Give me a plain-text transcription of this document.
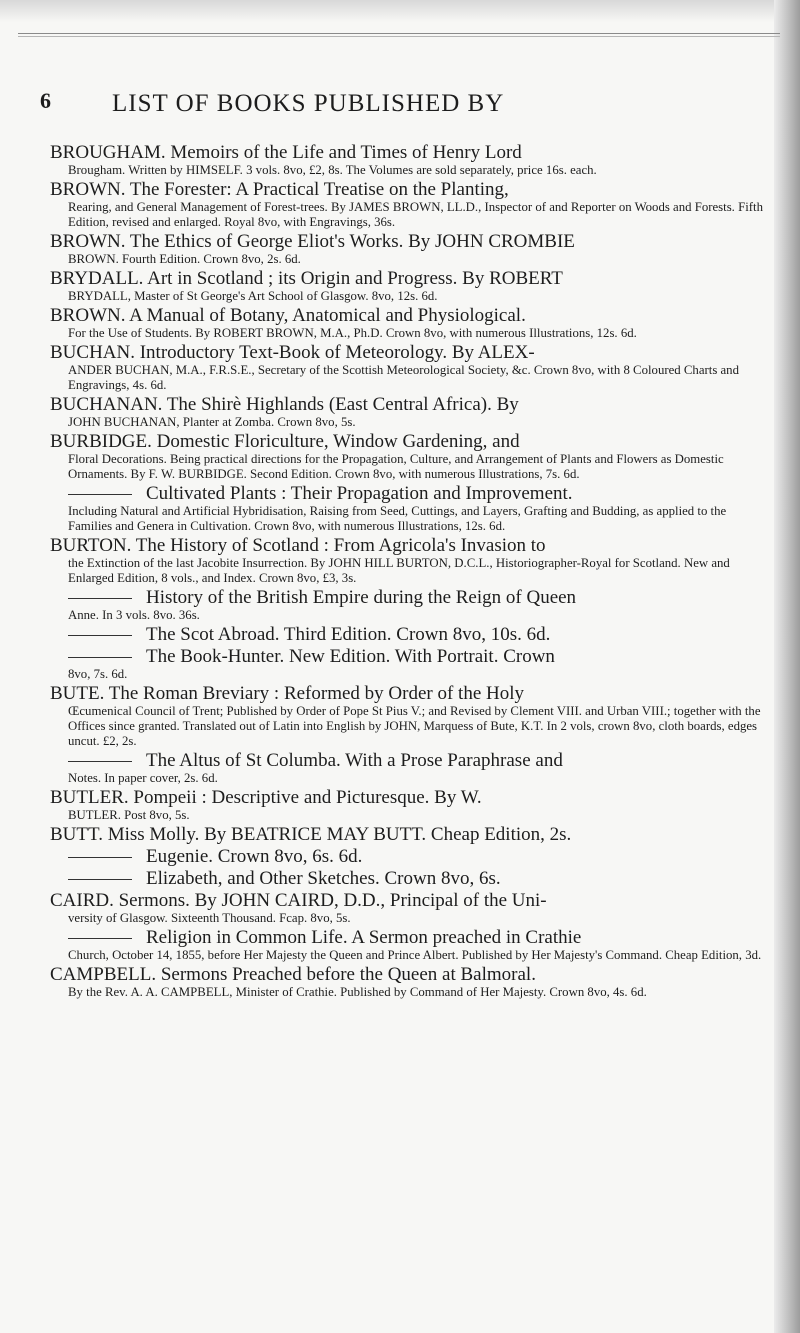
6 LIST OF BOOKS PUBLISHED BY

BROUGHAM. Memoirs of the Life and Times of Henry Lord

Brougham. Written by HIMSELF. 3 vols. 8vo, £2, 8s. The Volumes are sold separately, price 16s. each.

BROWN. The Forester: A Practical Treatise on the Planting,

Rearing, and General Management of Forest-trees. By JAMES BROWN, LL.D., Inspector of and Reporter on Woods and Forests. Fifth Edition, revised and enlarged. Royal 8vo, with Engravings, 36s.

BROWN. The Ethics of George Eliot's Works. By JOHN CROMBIE

BROWN. Fourth Edition. Crown 8vo, 2s. 6d.

BRYDALL. Art in Scotland ; its Origin and Progress. By ROBERT

BRYDALL, Master of St George's Art School of Glasgow. 8vo, 12s. 6d.

BROWN. A Manual of Botany, Anatomical and Physiological.

For the Use of Students. By ROBERT BROWN, M.A., Ph.D. Crown 8vo, with numerous Illustrations, 12s. 6d.

BUCHAN. Introductory Text-Book of Meteorology. By ALEX-

ANDER BUCHAN, M.A., F.R.S.E., Secretary of the Scottish Meteorological Society, &c. Crown 8vo, with 8 Coloured Charts and Engravings, 4s. 6d.

BUCHANAN. The Shirè Highlands (East Central Africa). By

JOHN BUCHANAN, Planter at Zomba. Crown 8vo, 5s.

BURBIDGE. Domestic Floriculture, Window Gardening, and

Floral Decorations. Being practical directions for the Propagation, Culture, and Arrangement of Plants and Flowers as Domestic Ornaments. By F. W. BURBIDGE. Second Edition. Crown 8vo, with numerous Illustrations, 7s. 6d.

Cultivated Plants : Their Propagation and Improvement.

Including Natural and Artificial Hybridisation, Raising from Seed, Cuttings, and Layers, Grafting and Budding, as applied to the Families and Genera in Cultivation. Crown 8vo, with numerous Illustrations, 12s. 6d.

BURTON. The History of Scotland : From Agricola's Invasion to

the Extinction of the last Jacobite Insurrection. By JOHN HILL BURTON, D.C.L., Historiographer-Royal for Scotland. New and Enlarged Edition, 8 vols., and Index. Crown 8vo, £3, 3s.

History of the British Empire during the Reign of Queen

Anne. In 3 vols. 8vo. 36s.

The Scot Abroad. Third Edition. Crown 8vo, 10s. 6d.

The Book-Hunter. New Edition. With Portrait. Crown

8vo, 7s. 6d.

BUTE. The Roman Breviary : Reformed by Order of the Holy

Œcumenical Council of Trent; Published by Order of Pope St Pius V.; and Revised by Clement VIII. and Urban VIII.; together with the Offices since granted. Translated out of Latin into English by JOHN, Marquess of Bute, K.T. In 2 vols, crown 8vo, cloth boards, edges uncut. £2, 2s.

The Altus of St Columba. With a Prose Paraphrase and

Notes. In paper cover, 2s. 6d.

BUTLER. Pompeii : Descriptive and Picturesque. By W.

BUTLER. Post 8vo, 5s.

BUTT. Miss Molly. By BEATRICE MAY BUTT. Cheap Edition, 2s.

Eugenie. Crown 8vo, 6s. 6d.

Elizabeth, and Other Sketches. Crown 8vo, 6s.

CAIRD. Sermons. By JOHN CAIRD, D.D., Principal of the Uni-

versity of Glasgow. Sixteenth Thousand. Fcap. 8vo, 5s.

Religion in Common Life. A Sermon preached in Crathie

Church, October 14, 1855, before Her Majesty the Queen and Prince Albert. Published by Her Majesty's Command. Cheap Edition, 3d.

CAMPBELL. Sermons Preached before the Queen at Balmoral.

By the Rev. A. A. CAMPBELL, Minister of Crathie. Published by Command of Her Majesty. Crown 8vo, 4s. 6d.
